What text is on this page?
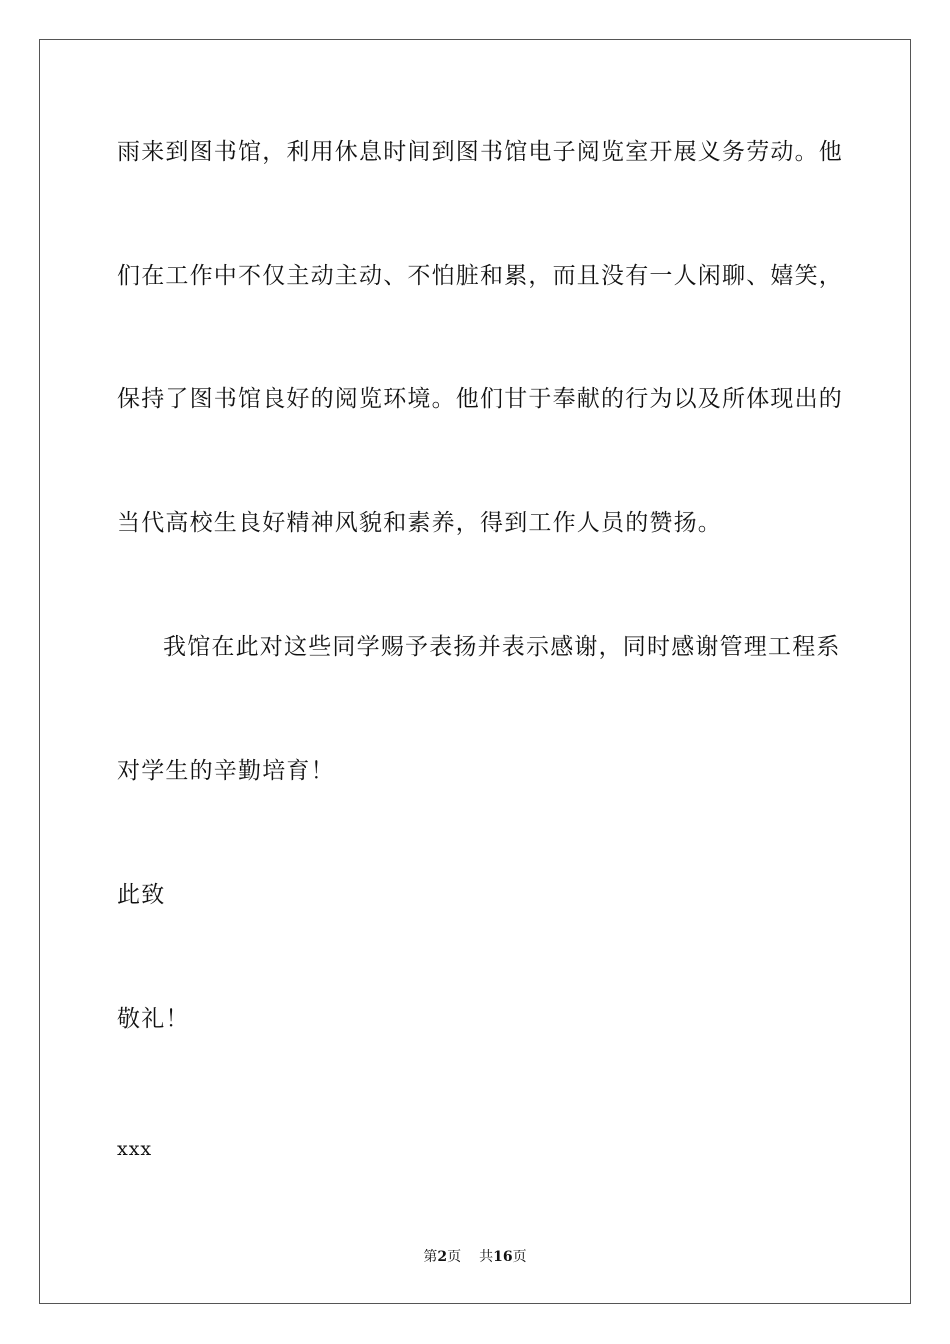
雨来到图书馆，利用休息时间到图书馆电子阅览室开展义务劳动。他
们在工作中不仅主动主动、不怕脏和累，而且没有一人闲聊、嬉笑，
保持了图书馆良好的阅览环境。他们甘于奉献的行为以及所体现出的
当代高校生良好精神风貌和素养，得到工作人员的赞扬。
我馆在此对这些同学赐予表扬并表示感谢，同时感谢管理工程系
对学生的辛勤培育！
此致
敬礼！
xxx
第2页 共16页
